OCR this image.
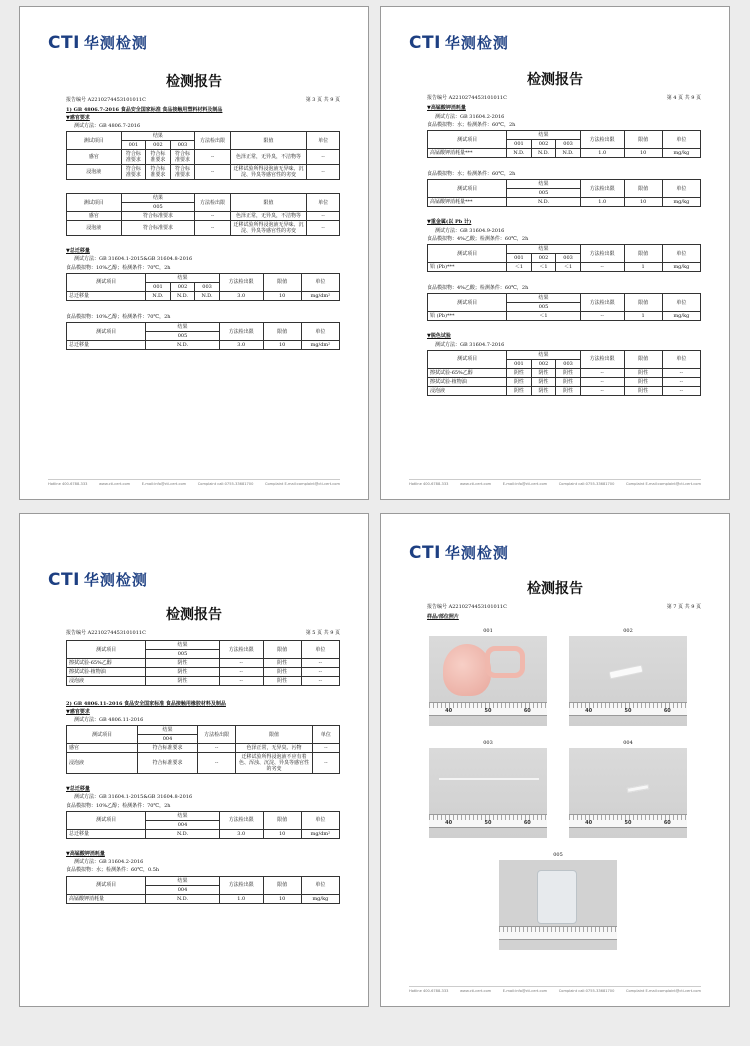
CTI 华测检测
检测报告
报告编号 A2210274453101011C	第 3 页 共 9 页
1) GB 4806.7-2016 食品安全国家标准 食品接触用塑料材料及制品
▼感官要求
测试方法：GB 4806.7-2016
测试项目	结果			方法检出限	限值	单位
	001	002	003			
感官	符合标准要求	符合标准要求	符合标准要求	--	色泽正常，无异臭，不洁物等	--
浸泡液	符合标准要求	符合标准要求	符合标准要求	--	迁移试验所得浸泡液无异味、沉淀、异臭等感官性的劣变	--
测试项目	结果	方法检出限	限值	单位
	005			
感官	符合标准要求	--	色泽正常，无异臭，不洁物等	--
浸泡液	符合标准要求	--	迁移试验所得浸泡液无异味、沉淀、异臭等感官性的劣变	--
▼总迁移量
测试方法：GB 31604.1-2015&GB 31604.8-2016
食品模拟物：10%乙醇；检测条件：70℃，2h
测试项目	结果			方法检出限	限值	单位
	001	002	003			
总迁移量	N.D.	N.D.	N.D.	3.0	10	mg/dm²
食品模拟物：10%乙醇；检测条件：70℃，2h
测试项目	结果	方法检出限	限值	单位
	005			
总迁移量	N.D.	3.0	10	mg/dm²
Hotline 400-6788-333	www.cti-cert.com	E-mail:info@cti-cert.com	Complaint call:0755-33681700	Complaint E-mail:complaint@cti-cert.com
CTI 华测检测
检测报告
报告编号 A2210274453101011C	第 4 页 共 9 页
▼高锰酸钾消耗量
测试方法：GB 31604.2-2016
食品模拟物：水；检测条件：60℃，2h
测试项目	结果			方法检出限	限值	单位
	001	002	003			
高锰酸钾消耗量***	N.D.	N.D.	N.D.	1.0	10	mg/kg
食品模拟物：水；检测条件：60℃，2h
测试项目	结果	方法检出限	限值	单位
	005			
高锰酸钾消耗量***	N.D.	1.0	10	mg/kg
▼重金属(以 Pb 计)
测试方法：GB 31604.9-2016
食品模拟物：4%乙酸；检测条件：60℃，2h
测试项目	结果			方法检出限	限值	单位
	001	002	003			
铅 (Pb)***	＜1	＜1	＜1	--	1	mg/kg
食品模拟物：4%乙酸；检测条件：60℃，2h
测试项目	结果	方法检出限	限值	单位
	005			
铅 (Pb)***	＜1	--	1	mg/kg
▼脱色试验
测试方法：GB 31604.7-2016
测试项目	结果			方法检出限	限值	单位
	001	002	003			
擦拭试验-65%乙醇	阴性	阴性	阴性	--	阴性	--
擦拭试验-植物油	阴性	阴性	阴性	--	阴性	--
浸泡液	阴性	阴性	阴性	--	阴性	--
Hotline 400-6788-333	www.cti-cert.com	E-mail:info@cti-cert.com	Complaint call:0755-33681700	Complaint E-mail:complaint@cti-cert.com
CTI 华测检测
检测报告
报告编号 A2210274453101011C	第 5 页 共 9 页
测试项目	结果	方法检出限	限值	单位
	005			
擦拭试验-65%乙醇	阴性	--	阴性	--
擦拭试验-植物油	阴性	--	阴性	--
浸泡液	阴性	--	阴性	--
2) GB 4806.11-2016 食品安全国家标准 食品接触用橡胶材料及制品
▼感官要求
测试方法：GB 4806.11-2016
测试项目	结果	方法检出限	限值	单位
	004			
感官	符合标准要求	--	色泽正常，无异臭、污物	--
浸泡液	符合标准要求	--	迁移试验所得浸泡液不应有着色、浑浊、沉淀、异臭等感官性的劣变	--
▼总迁移量
测试方法：GB 31604.1-2015&GB 31604.8-2016
食品模拟物：10%乙醇；检测条件：70℃，2h
测试项目	结果	方法检出限	限值	单位
	004			
总迁移量	N.D.	3.0	10	mg/dm²
▼高锰酸钾消耗量
测试方法：GB 31604.2-2016
食品模拟物：水；检测条件：60℃，0.5h
测试项目	结果	方法检出限	限值	单位
	004			
高锰酸钾消耗量	N.D.	1.0	10	mg/kg
CTI 华测检测
检测报告
报告编号 A2210274453101011C	第 7 页 共 9 页
样品/部位照片
001
40	50	60
002
40	50	60
003
40	50	60
004
40	50	60
005
Hotline 400-6788-333	www.cti-cert.com	E-mail:info@cti-cert.com	Complaint call:0755-33681700	Complaint E-mail:complaint@cti-cert.com
